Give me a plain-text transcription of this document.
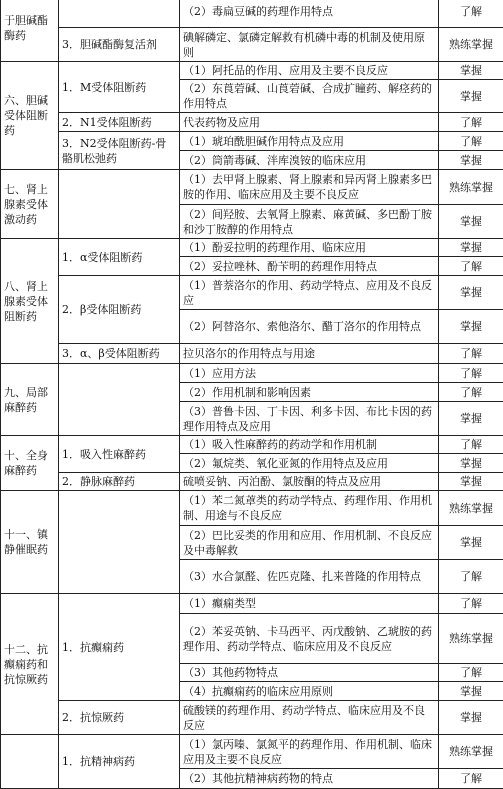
于胆碱酯酶药		（2）毒扁豆碱的药理作用特点	了解
	3．胆碱酯酶复活剂	碘解磷定、氯磷定解救有机磷中毒的机制及使用原则	熟练掌握
六、胆碱受体阻断药	1．M受体阻断药	（1）阿托品的作用、应用及主要不良反应	掌握
		（2）东莨菪碱、山莨菪碱、合成扩瞳药、解痉药的作用特点	掌握
	2．N1受体阻断药	代表药物及应用	了解
	3．N2受体阻断药-骨骼肌松弛药	（1）琥珀酰胆碱作用特点及应用	了解
		（2）筒箭毒碱、泮库溴铵的临床应用	掌握
七、肾上腺素受体激动药		（1）去甲肾上腺素、肾上腺素和异丙肾上腺素多巴胺的作用、临床应用及主要不良反应	熟练掌握
		（2）间羟胺、去氧肾上腺素、麻黄碱、多巴酚丁胺和沙丁胺醇的作用特点	掌握
八、肾上腺素受体阻断药	1．α受体阻断药	（1）酚妥拉明的药理作用、临床应用	掌握
		（2）妥拉唑林、酚苄明的药理作用特点	了解
	2．β受体阻断药	（1）普萘洛尔的作用、药动学特点、应用及不良反应	掌握
		（2）阿替洛尔、索他洛尔、醋丁洛尔的作用特点	掌握
	3．α、β受体阻断药	拉贝洛尔的作用特点与用途	了解
九、局部麻醉药		（1）应用方法	了解
		（2）作用机制和影响因素	了解
		（3）普鲁卡因、丁卡因、利多卡因、布比卡因的药理作用特点及应用	掌握
十、全身麻醉药	1．吸入性麻醉药	（1）吸入性麻醉药的药动学和作用机制	了解
		（2）氟烷类、氧化亚氮的作用特点及应用	掌握
	2．静脉麻醉药	硫喷妥钠、丙泊酚、氯胺酮的特点及应用	掌握
十一、镇静催眠药		（1）苯二氮䓬类的药动学特点、药理作用、作用机制、用途与不良反应	熟练掌握
		（2）巴比妥类的作用和应用、作用机制、不良反应及中毒解救	掌握
		（3）水合氯醛、佐匹克隆、扎来普隆的作用特点	了解
十二、抗癫痫药和抗惊厥药	1．抗癫痫药	（1）癫痫类型	了解
		（2）苯妥英钠、卡马西平、丙戊酸钠、乙琥胺的药理作用、药动学特点、临床应用及不良反应	熟练掌握
		（3）其他药物特点	了解
		（4）抗癫痫药的临床应用原则	掌握
	2．抗惊厥药	硫酸镁的药理作用、药动学特点、临床应用及不良反应	掌握
	1．抗精神病药	（1）氯丙嗪、氯氮平的药理作用、作用机制、临床应用及主要不良反应	熟练掌握
		（2）其他抗精神病药物的特点	了解
